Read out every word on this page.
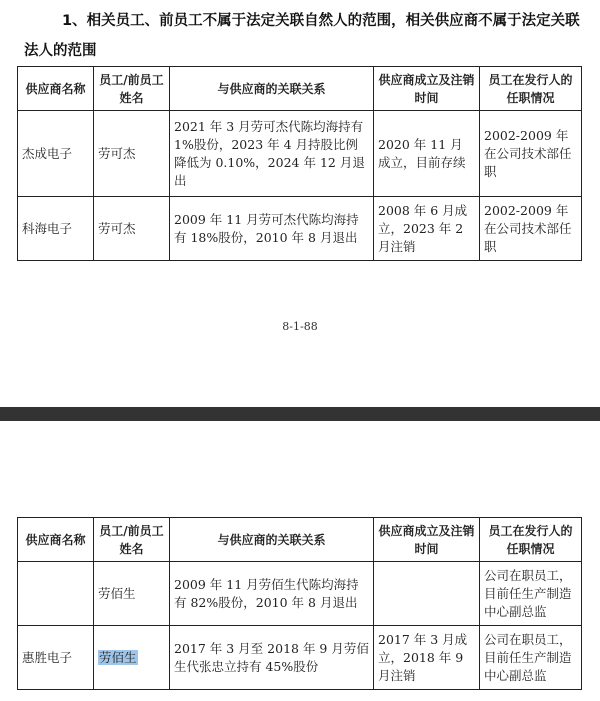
1、相关员工、前员工不属于法定关联自然人的范围，相关供应商不属于法定关联法人的范围
供应商名称	员工/前员工姓名	与供应商的关联关系	供应商成立及注销时间	员工在发行人的任职情况
杰成电子	劳可杰	2021 年 3 月劳可杰代陈均海持有 1%股份，2023 年 4 月持股比例降低为 0.10%，2024 年 12 月退出	2020 年 11 月成立，目前存续	2002-2009 年在公司技术部任职
科海电子	劳可杰	2009 年 11 月劳可杰代陈均海持有 18%股份，2010 年 8 月退出	2008 年 6 月成立，2023 年 2 月注销	2002-2009 年在公司技术部任职
8-1-88
供应商名称	员工/前员工姓名	与供应商的关联关系	供应商成立及注销时间	员工在发行人的任职情况
	劳佰生	2009 年 11 月劳佰生代陈均海持有 82%股份，2010 年 8 月退出		公司在职员工，目前任生产制造中心副总监
惠胜电子	劳佰生	2017 年 3 月至 2018 年 9 月劳佰生代张忠立持有 45%股份	2017 年 3 月成立，2018 年 9 月注销	公司在职员工，目前任生产制造中心副总监
